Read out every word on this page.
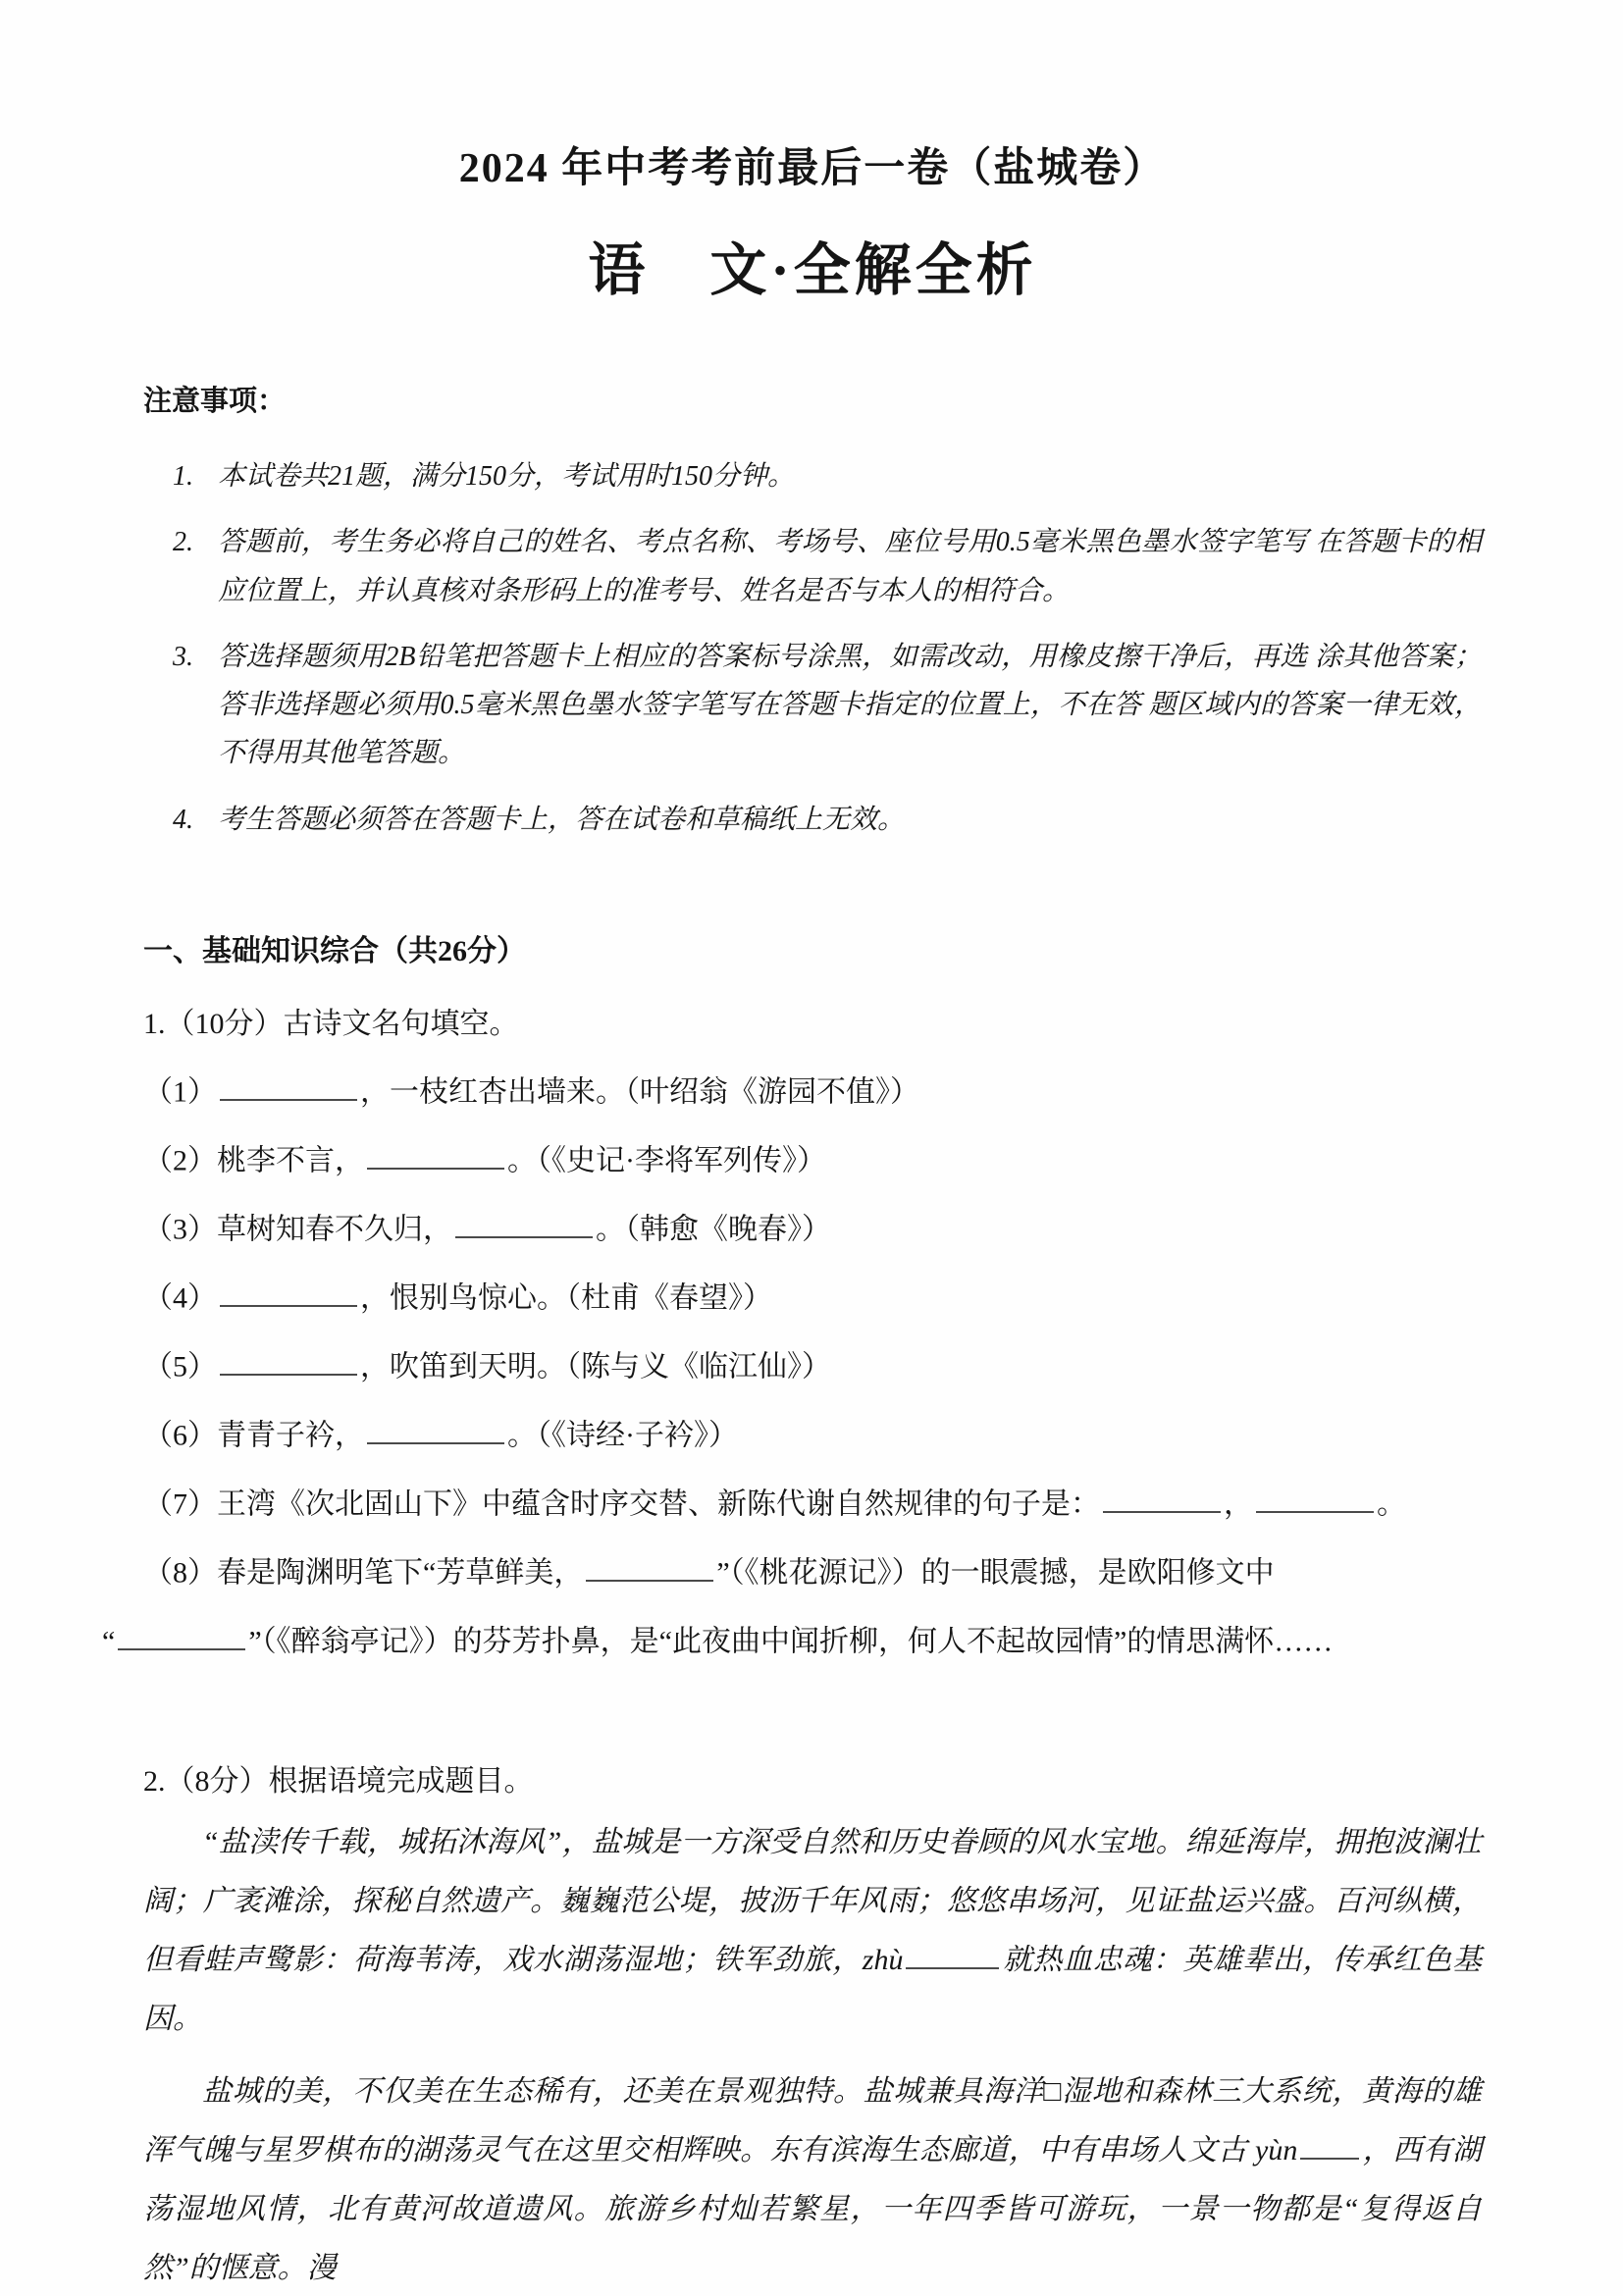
2024 年中考考前最后一卷（盐城卷）
语　文·全解全析
注意事项：
1. 本试卷共21题，满分150分，考试用时150分钟。
2. 答题前，考生务必将自己的姓名、考点名称、考场号、座位号用0.5毫米黑色墨水签字笔写 在答题卡的相应位置上，并认真核对条形码上的准考号、姓名是否与本人的相符合。
3. 答选择题须用2B铅笔把答题卡上相应的答案标号涂黑，如需改动，用橡皮擦干净后，再选 涂其他答案；答非选择题必须用0.5毫米黑色墨水签字笔写在答题卡指定的位置上，不在答 题区域内的答案一律无效，不得用其他笔答题。
4. 考生答题必须答在答题卡上，答在试卷和草稿纸上无效。
一、基础知识综合（共26分）
1.（10分）古诗文名句填空。
（1）	，一枝红杏出墙来。（叶绍翁《游园不值》）
（2）桃李不言，	。（《史记·李将军列传》）
（3）草树知春不久归，	。（韩愈《晚春》）
（4）	，恨别鸟惊心。（杜甫《春望》）
（5）	，吹笛到天明。（陈与义《临江仙》）
（6）青青子衿，	。（《诗经·子衿》）
（7）王湾《次北固山下》中蕴含时序交替、新陈代谢自然规律的句子是：	，	。
（8）春是陶渊明笔下“芳草鲜美，	”（《桃花源记》）的一眼震撼，是欧阳修文中
“	”（《醉翁亭记》）的芬芳扑鼻，是“此夜曲中闻折柳，何人不起故园情”的情思满怀……
2.（8分）根据语境完成题目。

“盐渎传千载，城拓沐海风”，盐城是一方深受自然和历史眷顾的风水宝地。绵延海岸，拥抱波澜壮阔；广袤滩涂，探秘自然遗产。巍巍范公堤，披沥千年风雨；悠悠串场河，见证盐运兴盛。百河纵横，但看蛙声鹭影：荷海苇涛，戏水湖荡湿地；铁军劲旅，zhù	就热血忠魂：英雄辈出，传承红色基因。

盐城的美，不仅美在生态稀有，还美在景观独特。盐城兼具海洋□湿地和森林三大系统，黄海的雄浑气魄与星罗棋布的湖荡灵气在这里交相辉映。东有滨海生态廊道，中有串场人文古 yùn ，西有湖荡湿地风情，北有黄河故道遗风。旅游乡村灿若繁星，一年四季皆可游玩，一景一物都是“复得返自然”的惬意。漫
